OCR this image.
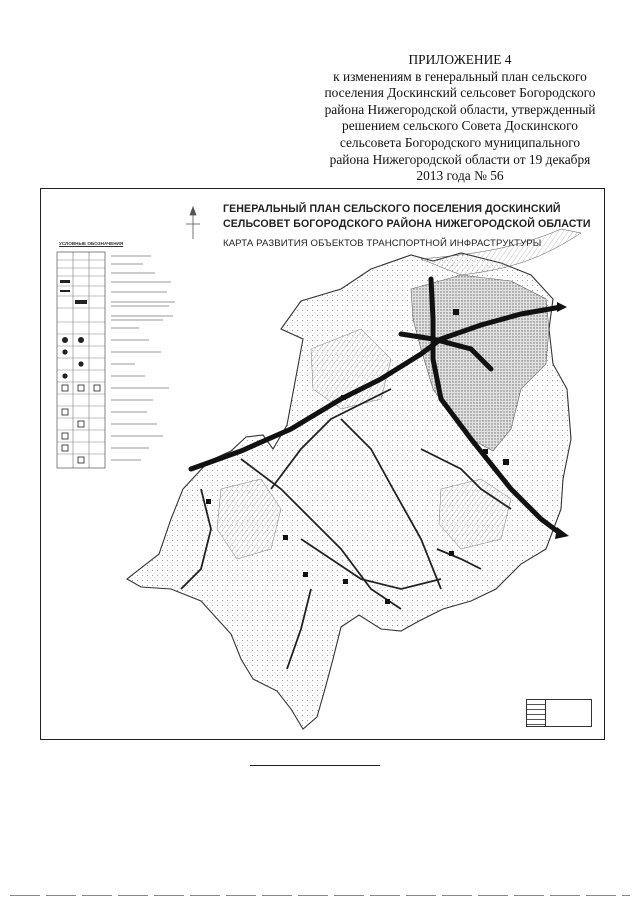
ПРИЛОЖЕНИЕ 4
к изменениям в генеральный план сельского
поселения Доскинский сельсовет Богородского
района Нижегородской области, утвержденный
решением сельского Совета Доскинского
сельсовета Богородского муниципального
района Нижегородской области от 19 декабря
2013 года № 56
ГЕНЕРАЛЬНЫЙ ПЛАН СЕЛЬСКОГО ПОСЕЛЕНИЯ ДОСКИНСКИЙ
СЕЛЬСОВЕТ БОГОРОДСКОГО РАЙОНА НИЖЕГОРОДСКОЙ ОБЛАСТИ
КАРТА РАЗВИТИЯ ОБЪЕКТОВ ТРАНСПОРТНОЙ ИНФРАСТРУКТУРЫ
УСЛОВНЫЕ ОБОЗНАЧЕНИЯ
